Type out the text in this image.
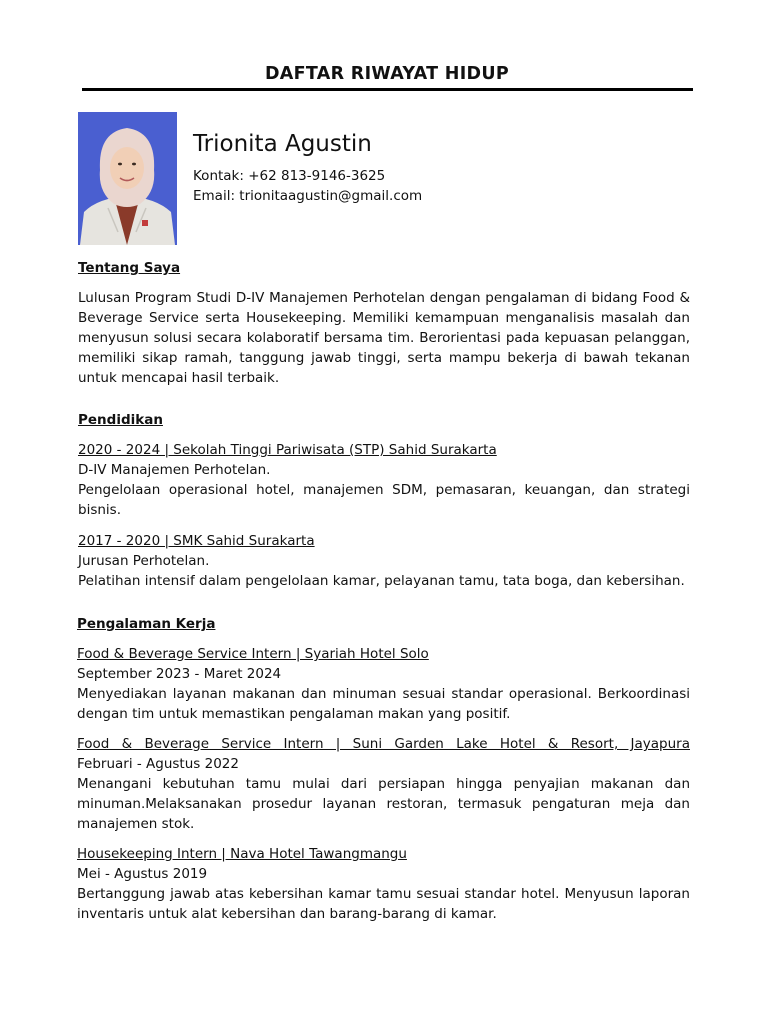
DAFTAR RIWAYAT HIDUP
Trionita Agustin
Kontak: +62 813-9146-3625
Email: trionitaagustin@gmail.com
Tentang Saya
Lulusan Program Studi D-IV Manajemen Perhotelan dengan pengalaman di bidang Food & Beverage Service serta Housekeeping. Memiliki kemampuan menganalisis masalah dan menyusun solusi secara kolaboratif bersama tim. Berorientasi pada kepuasan pelanggan, memiliki sikap ramah, tanggung jawab tinggi, serta mampu bekerja di bawah tekanan untuk mencapai hasil terbaik.
Pendidikan
2020 - 2024 | Sekolah Tinggi Pariwisata (STP) Sahid Surakarta
D-IV Manajemen Perhotelan.
Pengelolaan operasional hotel, manajemen SDM, pemasaran, keuangan, dan strategi bisnis.
2017 - 2020 | SMK Sahid Surakarta
Jurusan Perhotelan.
Pelatihan intensif dalam pengelolaan kamar, pelayanan tamu, tata boga, dan kebersihan.
Pengalaman Kerja
Food & Beverage Service Intern | Syariah Hotel Solo
September 2023 - Maret 2024
Menyediakan layanan makanan dan minuman sesuai standar operasional. Berkoordinasi dengan tim untuk memastikan pengalaman makan yang positif.
Food & Beverage Service Intern | Suni Garden Lake Hotel & Resort, Jayapura
Februari - Agustus 2022
Menangani kebutuhan tamu mulai dari persiapan hingga penyajian makanan dan minuman.Melaksanakan prosedur layanan restoran, termasuk pengaturan meja dan manajemen stok.
Housekeeping Intern | Nava Hotel Tawangmangu
Mei - Agustus 2019
Bertanggung jawab atas kebersihan kamar tamu sesuai standar hotel. Menyusun laporan inventaris untuk alat kebersihan dan barang-barang di kamar.
